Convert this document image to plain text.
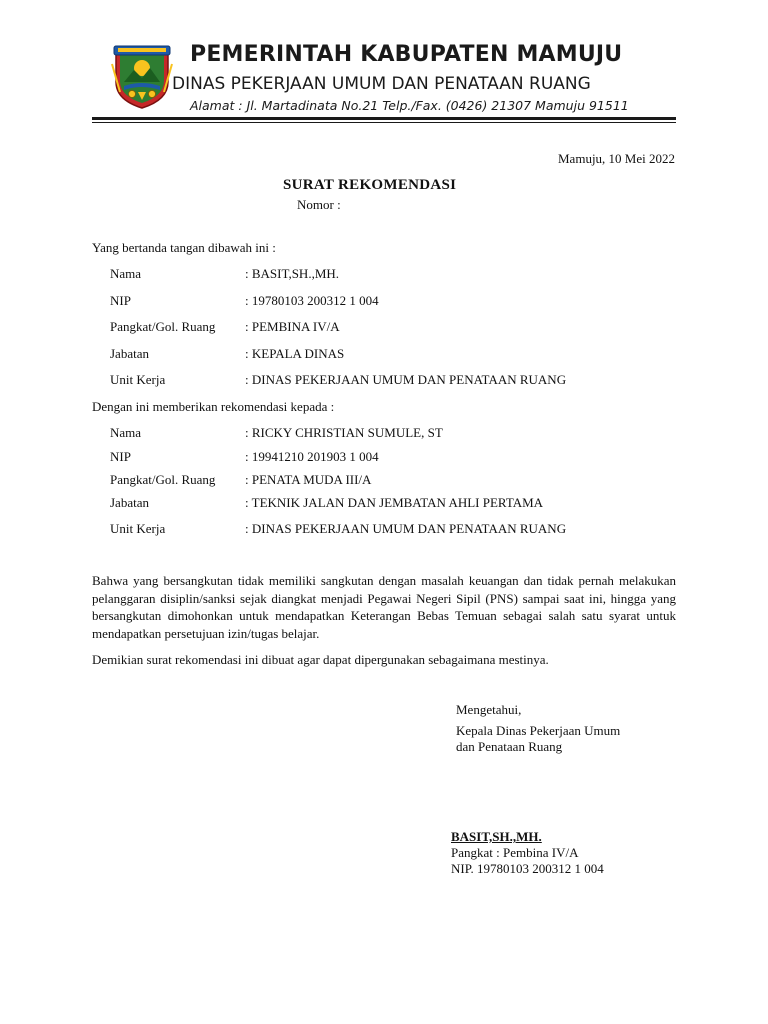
PEMERINTAH KABUPATEN MAMUJU
DINAS PEKERJAAN UMUM DAN PENATAAN RUANG
Alamat : Jl. Martadinata No.21 Telp./Fax. (0426) 21307 Mamuju 91511
Mamuju, 10 Mei 2022
SURAT REKOMENDASI
Nomor :
Yang bertanda tangan dibawah ini :
Nama	: BASIT,SH.,MH.
NIP	: 19780103 200312 1 004
Pangkat/Gol. Ruang : PEMBINA IV/A
Jabatan	: KEPALA DINAS
Unit Kerja	: DINAS PEKERJAAN UMUM DAN PENATAAN RUANG
Dengan ini memberikan rekomendasi kepada :
Nama	: RICKY CHRISTIAN SUMULE, ST
NIP	: 19941210 201903 1 004
Pangkat/Gol. Ruang : PENATA MUDA III/A
Jabatan	: TEKNIK JALAN DAN JEMBATAN AHLI PERTAMA
Unit Kerja	: DINAS PEKERJAAN UMUM DAN PENATAAN RUANG
Bahwa yang bersangkutan tidak memiliki sangkutan dengan masalah keuangan dan tidak pernah melakukan pelanggaran disiplin/sanksi sejak diangkat menjadi Pegawai Negeri Sipil (PNS) sampai saat ini, hingga yang bersangkutan dimohonkan untuk mendapatkan Keterangan Bebas Temuan sebagai salah satu syarat untuk mendapatkan persetujuan izin/tugas belajar.
Demikian surat rekomendasi ini dibuat agar dapat dipergunakan sebagaimana mestinya.
Mengetahui,
Kepala Dinas Pekerjaan Umum
dan Penataan Ruang
BASIT,SH.,MH.
Pangkat : Pembina IV/A
NIP. 19780103 200312 1 004
